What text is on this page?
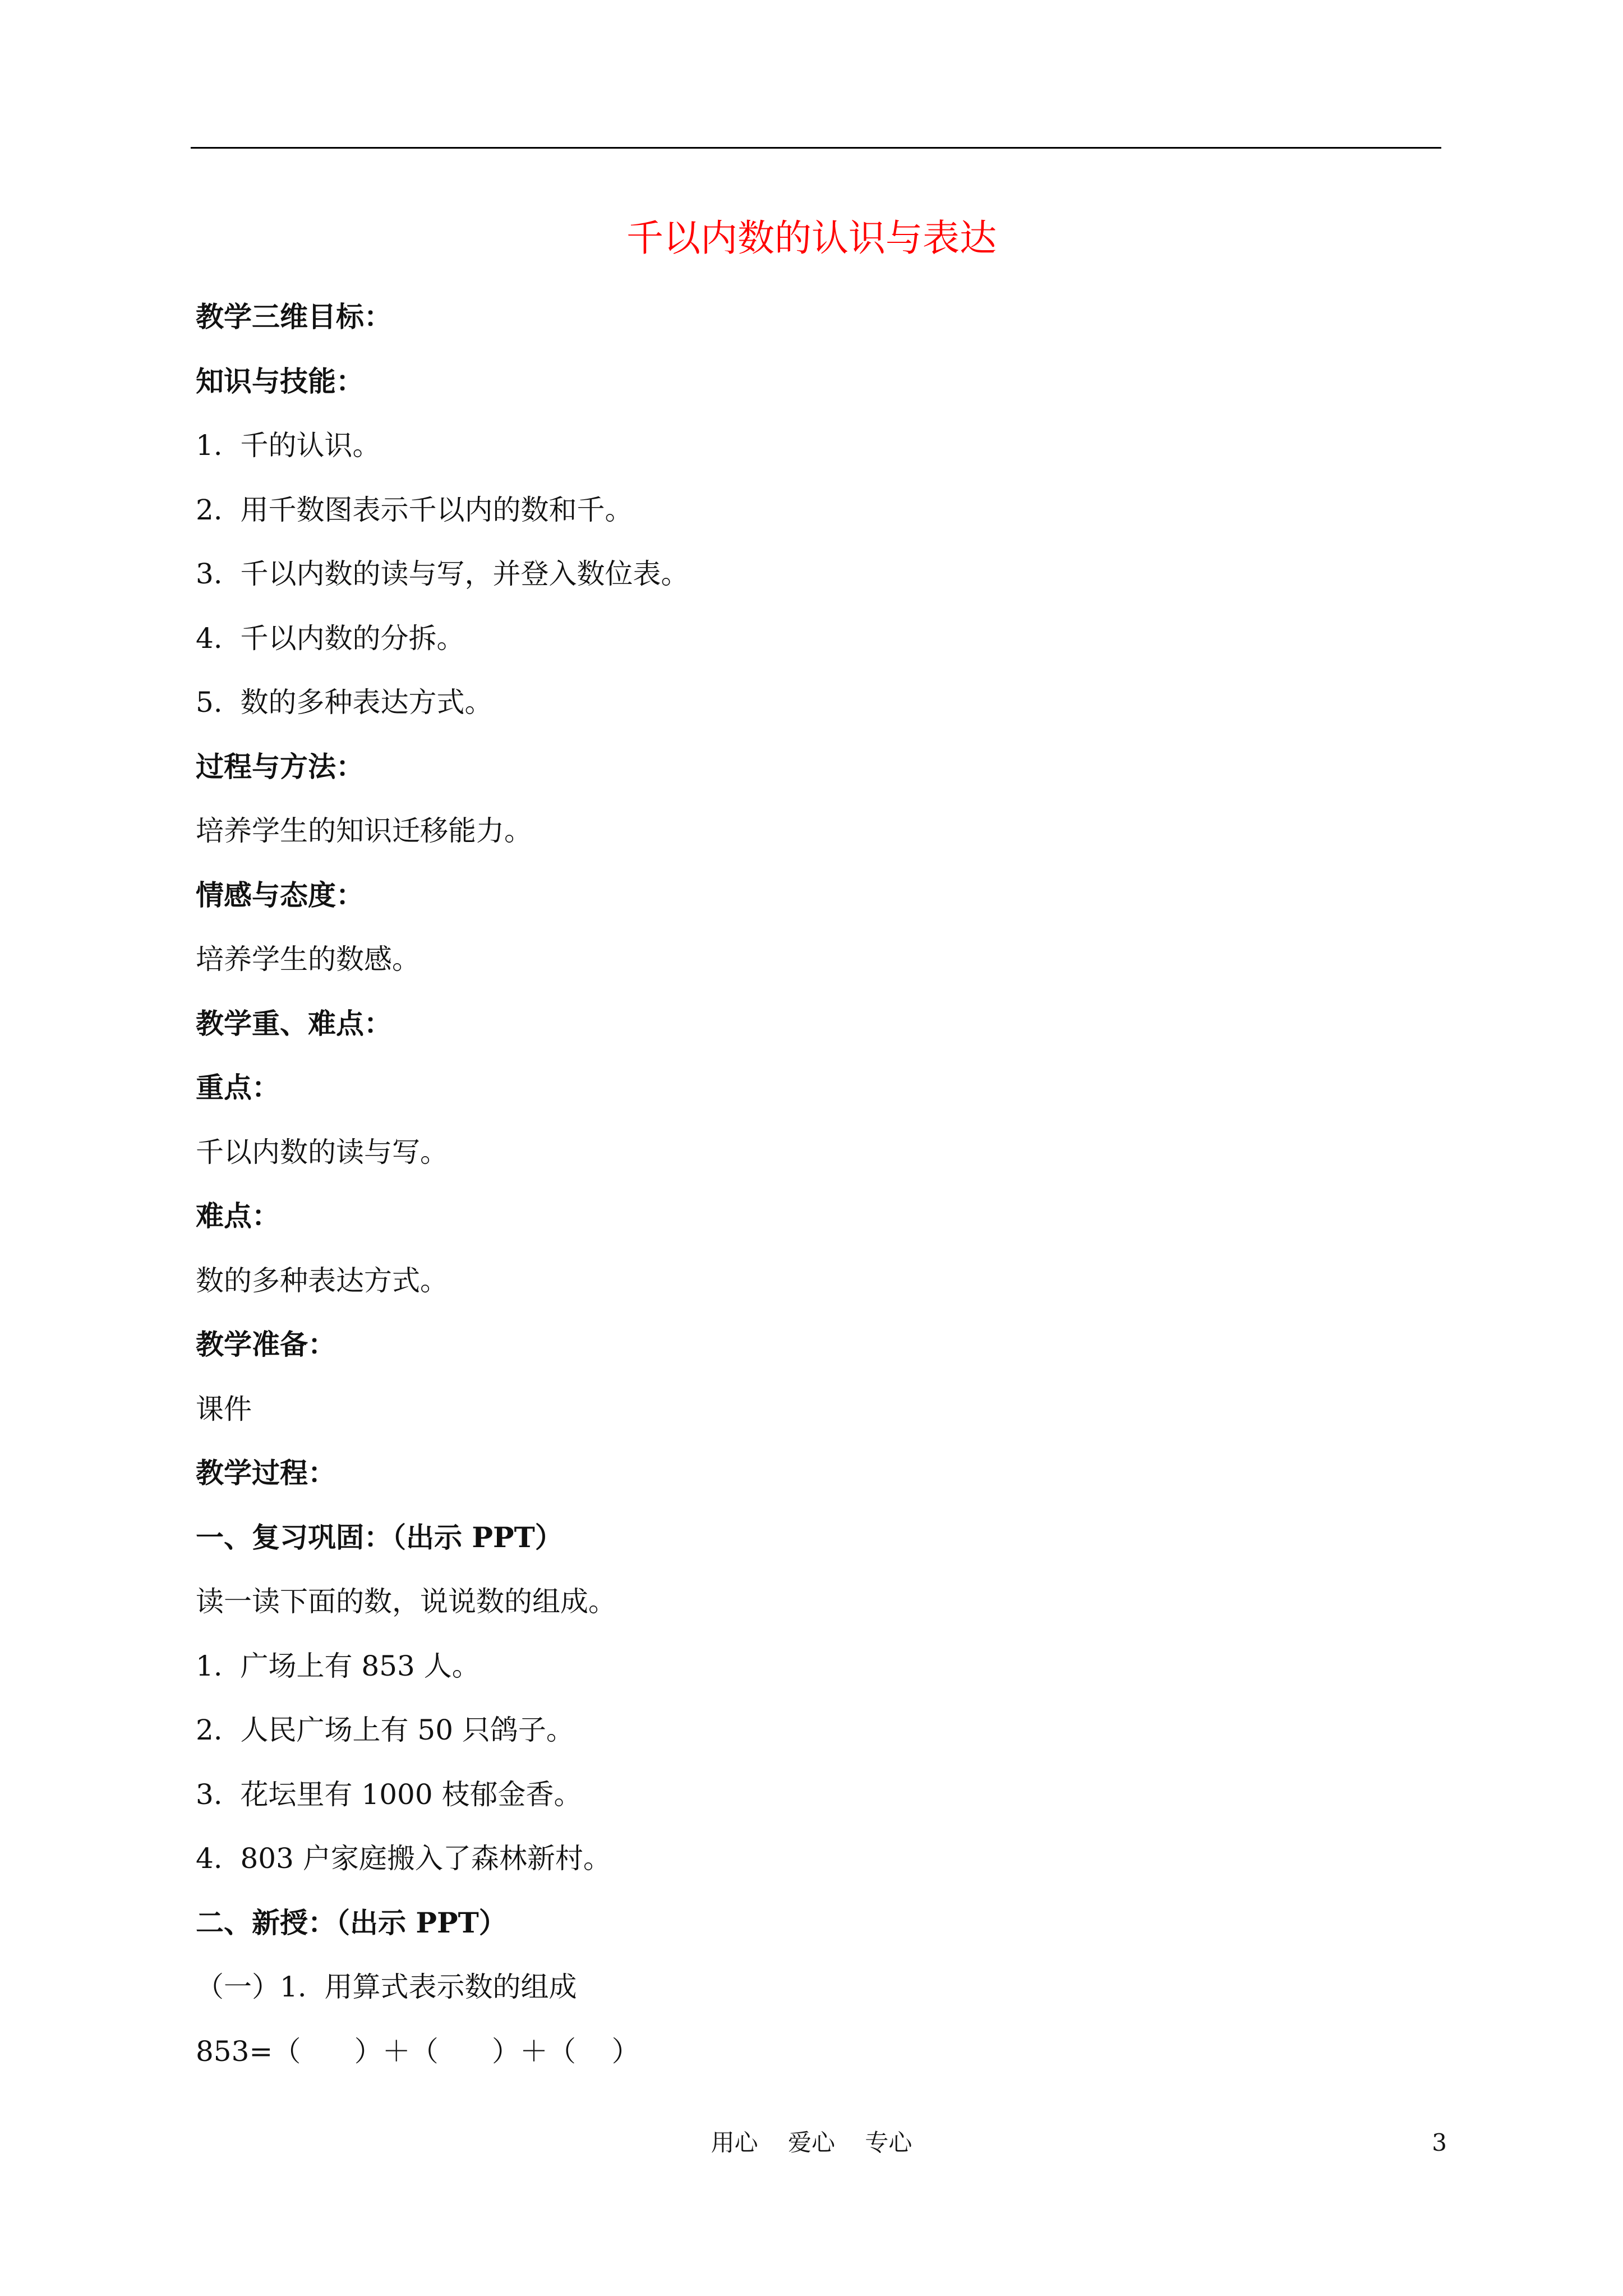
千以内数的认识与表达
教学三维目标：
知识与技能：
1.  千的认识。
2.  用千数图表示千以内的数和千。
3.  千以内数的读与写，并登入数位表。
4.  千以内数的分拆。
5.  数的多种表达方式。
过程与方法：
培养学生的知识迁移能力。
情感与态度：
培养学生的数感。
教学重、难点：
重点：
千以内数的读与写。
难点：
数的多种表达方式。
教学准备：
课件
教学过程：
一、复习巩固：（出示 PPT）
读一读下面的数，说说数的组成。
1.  广场上有 853 人。
2.  人民广场上有 50 只鸽子。
3.  花坛里有 1000 枝郁金香。
4.  803 户家庭搬入了森林新村。
二、新授：（出示 PPT）
（一）1.  用算式表示数的组成
853=（      ）＋（      ）＋（    ）
用心    爱心    专心	3
